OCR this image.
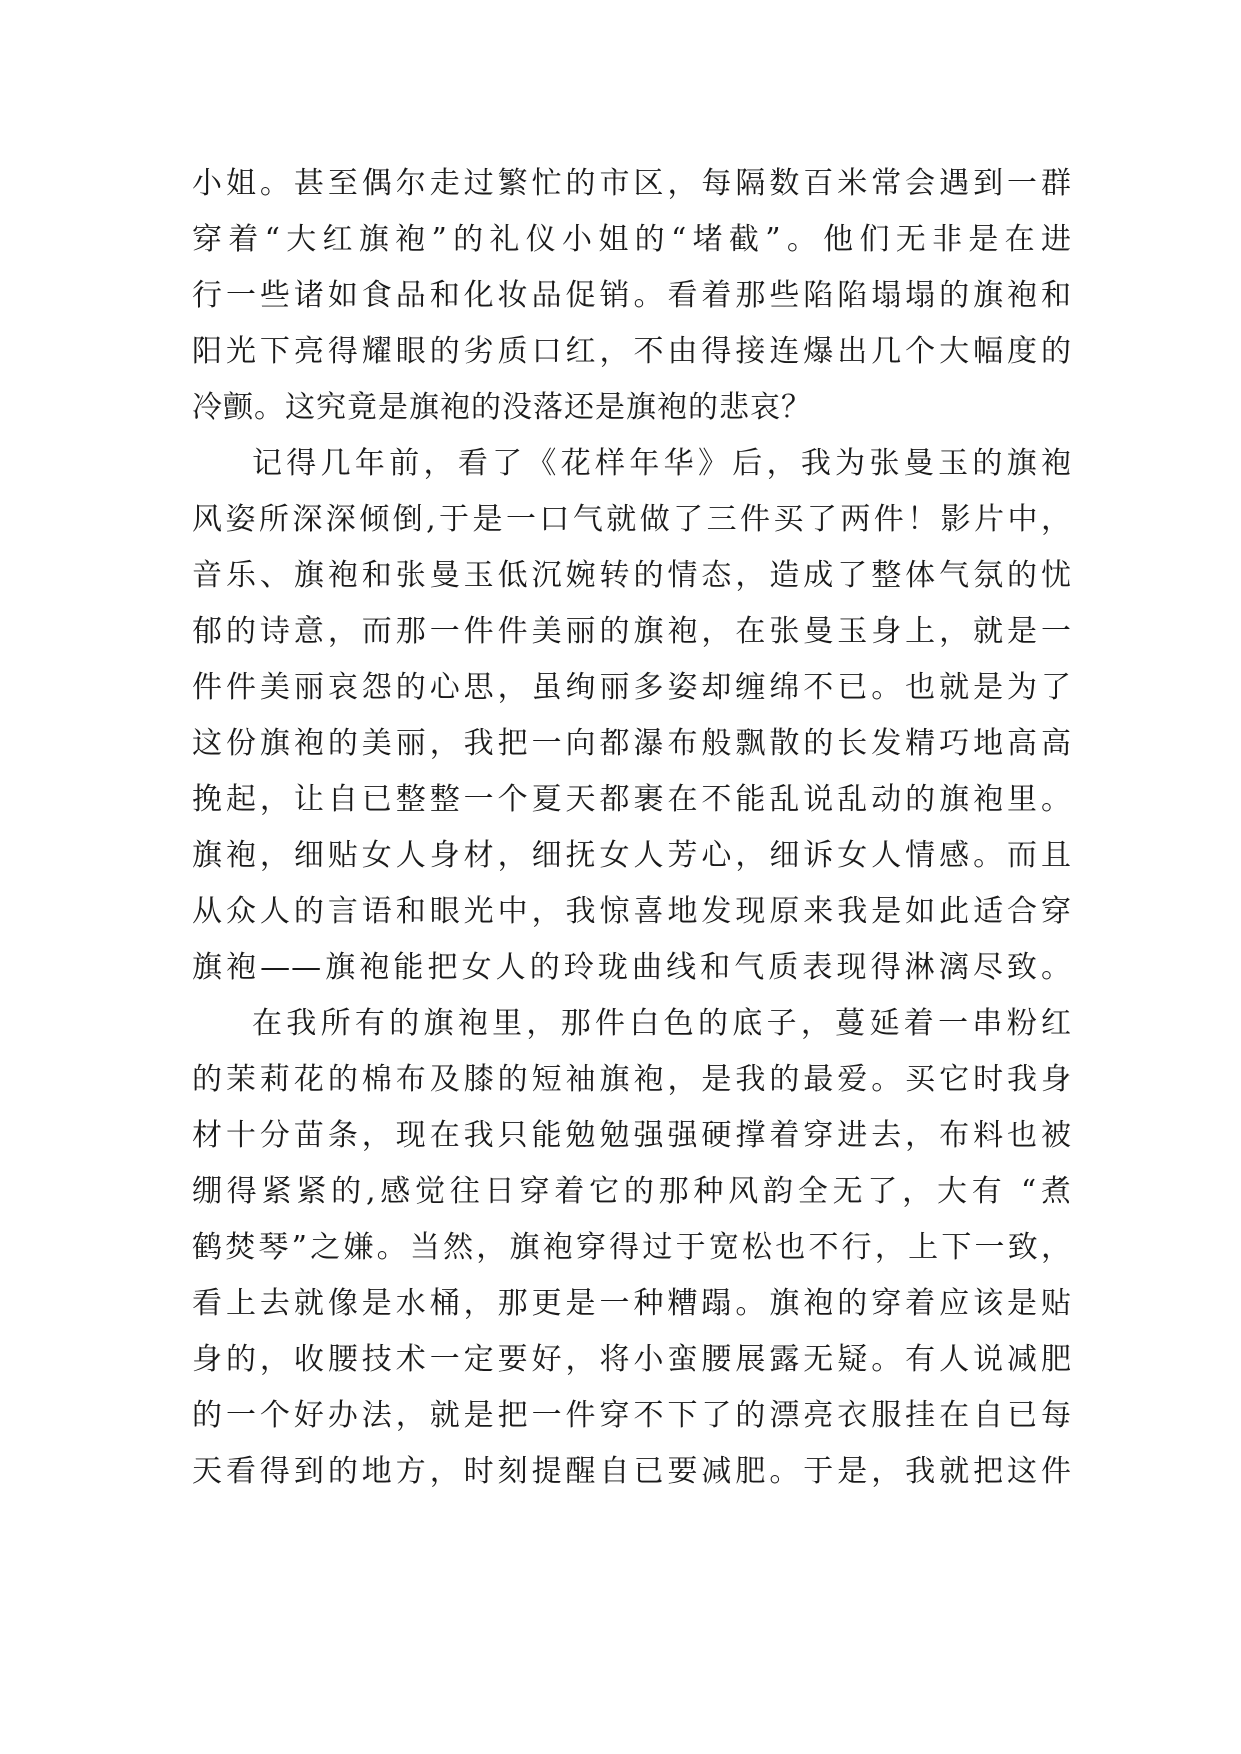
小姐。甚至偶尔走过繁忙的市区，每隔数百米常会遇到一群
穿着“大红旗袍”的礼仪小姐的“堵截”。他们无非是在进
行一些诸如食品和化妆品促销。看着那些陷陷塌塌的旗袍和
阳光下亮得耀眼的劣质口红，不由得接连爆出几个大幅度的
冷颤。这究竟是旗袍的没落还是旗袍的悲哀？
记得几年前，看了《花样年华》后，我为张曼玉的旗袍
风姿所深深倾倒,于是一口气就做了三件买了两件！影片中，
音乐、旗袍和张曼玉低沉婉转的情态，造成了整体气氛的忧
郁的诗意，而那一件件美丽的旗袍，在张曼玉身上，就是一
件件美丽哀怨的心思，虽绚丽多姿却缠绵不已。也就是为了
这份旗袍的美丽，我把一向都瀑布般飘散的长发精巧地高高
挽起，让自已整整一个夏天都裹在不能乱说乱动的旗袍里。
旗袍，细贴女人身材，细抚女人芳心，细诉女人情感。而且
从众人的言语和眼光中，我惊喜地发现原来我是如此适合穿
旗袍——旗袍能把女人的玲珑曲线和气质表现得淋漓尽致。
在我所有的旗袍里，那件白色的底子，蔓延着一串粉红
的茉莉花的棉布及膝的短袖旗袍，是我的最爱。买它时我身
材十分苗条，现在我只能勉勉强强硬撑着穿进去，布料也被
绷得紧紧的,感觉往日穿着它的那种风韵全无了，大有 “煮
鹤焚琴”之嫌。当然，旗袍穿得过于宽松也不行，上下一致，
看上去就像是水桶，那更是一种糟蹋。旗袍的穿着应该是贴
身的，收腰技术一定要好，将小蛮腰展露无疑。有人说减肥
的一个好办法，就是把一件穿不下了的漂亮衣服挂在自已每
天看得到的地方，时刻提醒自已要减肥。于是，我就把这件
